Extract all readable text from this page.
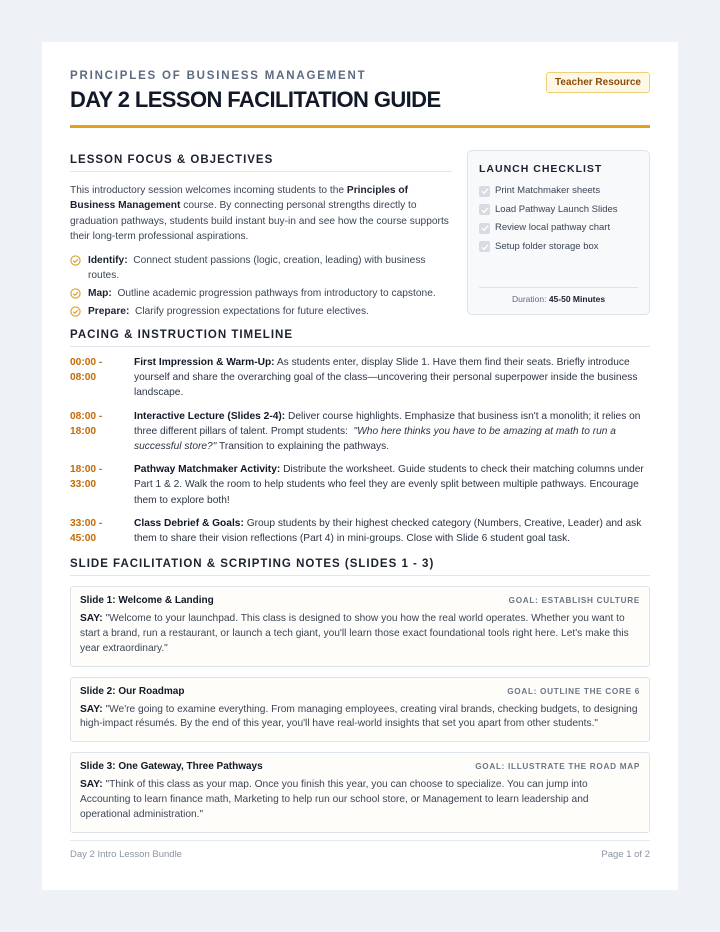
PRINCIPLES OF BUSINESS MANAGEMENT
DAY 2 LESSON FACILITATION GUIDE
Teacher Resource
LESSON FOCUS & OBJECTIVES

This introductory session welcomes incoming students to the Principles of Business Management course. By connecting personal strengths directly to graduation pathways, students build instant buy-in and see how the course supports their long-term professional aspirations.

Identify: Connect student passions (logic, creation, leading) with business routes.
Map: Outline academic progression pathways from introductory to capstone.
Prepare: Clarify progression expectations for future electives.
LAUNCH CHECKLIST
Print Matchmaker sheets
Load Pathway Launch Slides
Review local pathway chart
Setup folder storage box
Duration: 45-50 Minutes
PACING & INSTRUCTION TIMELINE
00:00 -
08:00
First Impression & Warm-Up: As students enter, display Slide 1. Have them find their seats. Briefly introduce yourself and share the overarching goal of the class—uncovering their personal superpower inside the business landscape.
08:00 -
18:00
Interactive Lecture (Slides 2-4): Deliver course highlights. Emphasize that business isn't a monolith; it relies on three different pillars of talent. Prompt students: "Who here thinks you have to be amazing at math to run a successful store?" Transition to explaining the pathways.
18:00 -
33:00
Pathway Matchmaker Activity: Distribute the worksheet. Guide students to check their matching columns under Part 1 & 2. Walk the room to help students who feel they are evenly split between multiple pathways. Encourage them to explore both!
33:00 -
45:00
Class Debrief & Goals: Group students by their highest checked category (Numbers, Creative, Leader) and ask them to share their vision reflections (Part 4) in mini-groups. Close with Slide 6 student goal task.
SLIDE FACILITATION & SCRIPTING NOTES (SLIDES 1 - 3)
Slide 1: Welcome & Landing	GOAL: ESTABLISH CULTURE

SAY: "Welcome to your launchpad. This class is designed to show you how the real world operates. Whether you want to start a brand, run a restaurant, or launch a tech giant, you'll learn those exact foundational tools right here. Let's make this year extraordinary."

Slide 2: Our Roadmap	GOAL: OUTLINE THE CORE 6

SAY: "We're going to examine everything. From managing employees, creating viral brands, checking budgets, to designing high-impact résumés. By the end of this year, you'll have real-world insights that set you apart from other students."

Slide 3: One Gateway, Three Pathways	GOAL: ILLUSTRATE THE ROAD MAP

SAY: "Think of this class as your map. Once you finish this year, you can choose to specialize. You can jump into Accounting to learn finance math, Marketing to help run our school store, or Management to learn leadership and operational administration."

Day 2 Intro Lesson Bundle	Page 1 of 2
